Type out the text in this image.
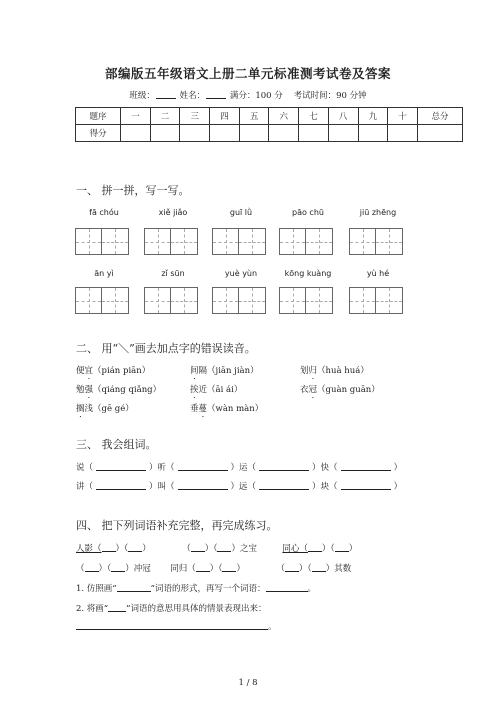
部编版五年级语文上册二单元标准测考试卷及答案
班级：	姓名：	满分：100 分 考试时间：90 分钟
题序	一	二	三	四	五	六	七	八	九	十	总分
得分											
一、 拼一拼，写一写。
fā chóu	xiě jiǎo	guī lǜ	pāo chū	jiū zhēng
ān yì	zǐ sūn	yuè yùn	kōng kuàng	yù hé
二、 用“＼”画去加点字的错误读音。
便宜（pián piān）	间隔（jiān jiàn）	划归（huà huá）
勉强（qiáng qiǎng）	挨近（āi ái）	衣冠（guàn guān）
搁浅（gē gé）	垂蔓（wàn màn）
三、 我会组词。
说（	）听（	）运（	）快（	）
讲（	）叫（	）远（	）块（	）
四、 把下列词语补充完整，再完成练习。
人影（ ）（ ）	（ ）（ ）之宝	同心（ ）（ ）
（ ）（ ）冲冠 同归（ ）（ ）	（ ）（ ）其数
1. 仿照画“	”词语的形式，再写一个词语：	。
2. 将画“ ”词语的意思用具体的情景表现出来：
。
1 / 8
